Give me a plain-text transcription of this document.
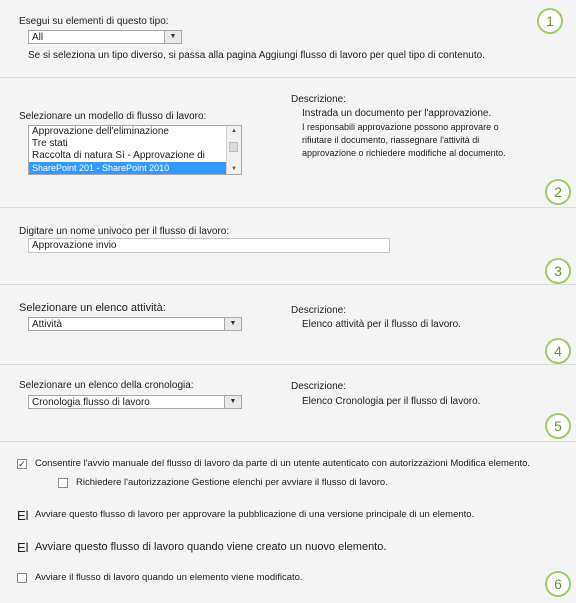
Esegui su elementi di questo tipo:
All	▼
Se si seleziona un tipo diverso, si passa alla pagina Aggiungi flusso di lavoro per quel tipo di contenuto.
1
Selezionare un modello di flusso di lavoro:
Approvazione dell'eliminazione
Tre stati
Raccolta di natura Sì - Approvazione di
SharePoint 201 - SharePoint 2010
▲
▼
Descrizione:
Instrada un documento per l'approvazione.
I responsabili approvazione possono approvare o
rifiutare il documento, riassegnare l'attività di
approvazione o richiedere modifiche al documento.
2
Digitare un nome univoco per il flusso di lavoro:
Approvazione invio
3
Selezionare un elenco attività:
Attività	▼
Descrizione:
Elenco attività per il flusso di lavoro.
4
Selezionare un elenco della cronologia:
Cronologia flusso di lavoro	▼
Descrizione:
Elenco Cronologia per il flusso di lavoro.
5
✓ Consentire l'avvio manuale del flusso di lavoro da parte di un utente autenticato con autorizzazioni Modifica elemento.
Richiedere l'autorizzazione Gestione elenchi per avviare il flusso di lavoro.
El Avviare questo flusso di lavoro per approvare la pubblicazione di una versione principale di un elemento.
El Avviare questo flusso di lavoro quando viene creato un nuovo elemento.
Avviare il flusso di lavoro quando un elemento viene modificato.	6
